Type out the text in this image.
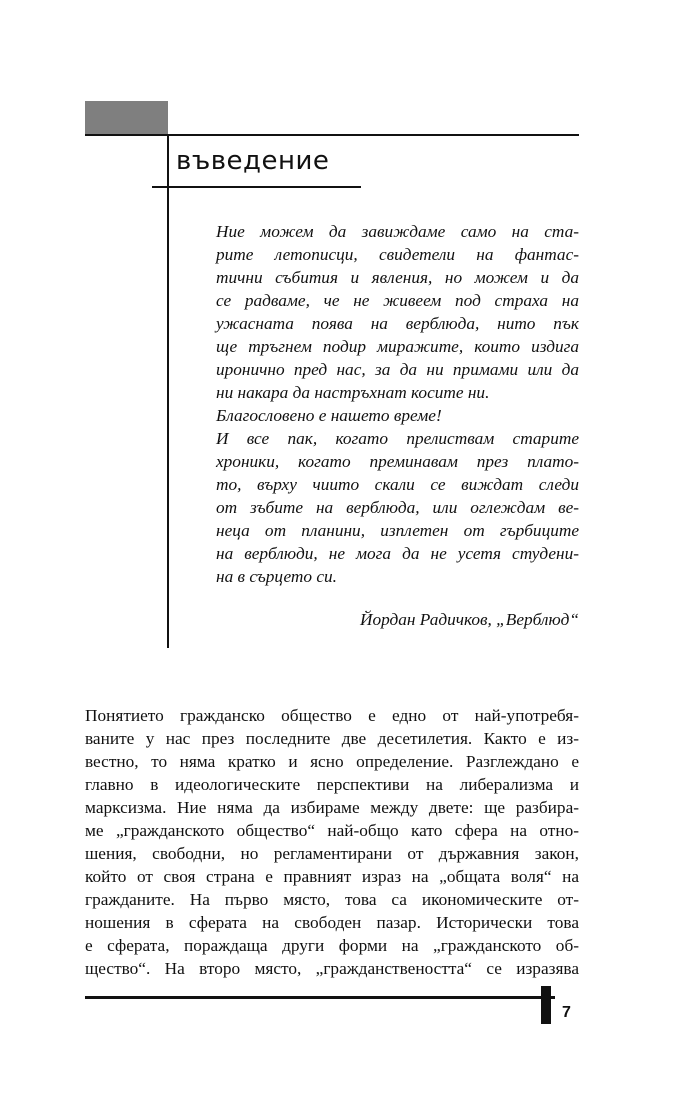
въведение
Ние можем да завиждаме само на ста-
рите летописци, свидетели на фантас-
тични събития и явления, но можем и да
се радваме, че не живеем под страха на
ужасната поява на верблюда, нито пък
ще тръгнем подир миражите, които издига
иронично пред нас, за да ни примами или да
ни накара да настръхнат косите ни.
Благословено е нашето време!
И все пак, когато прелиствам старите
хроники, когато преминавам през плато-
то, върху чиито скали се виждат следи
от зъбите на верблюда, или оглеждам ве-
неца от планини, изплетен от гърбиците
на верблюди, не мога да не усетя студени-
на в сърцето си.
Йордан Радичков, „Верблюд“
Понятието гражданско общество е едно от най-употребя-
ваните у нас през последните две десетилетия. Както е из-
вестно, то няма кратко и ясно определение. Разглеждано е
главно в идеологическите перспективи на либерализма и
марксизма. Ние няма да избираме между двете: ще разбира-
ме „гражданското общество“ най-общо като сфера на отно-
шения, свободни, но регламентирани от държавния закон,
който от своя страна е правният израз на „общата воля“ на
гражданите. На първо място, това са икономическите от-
ношения в сферата на свободен пазар. Исторически това
е сферата, пораждаща други форми на „гражданското об-
щество“. На второ място, „гражданствеността“ се изразява
7
